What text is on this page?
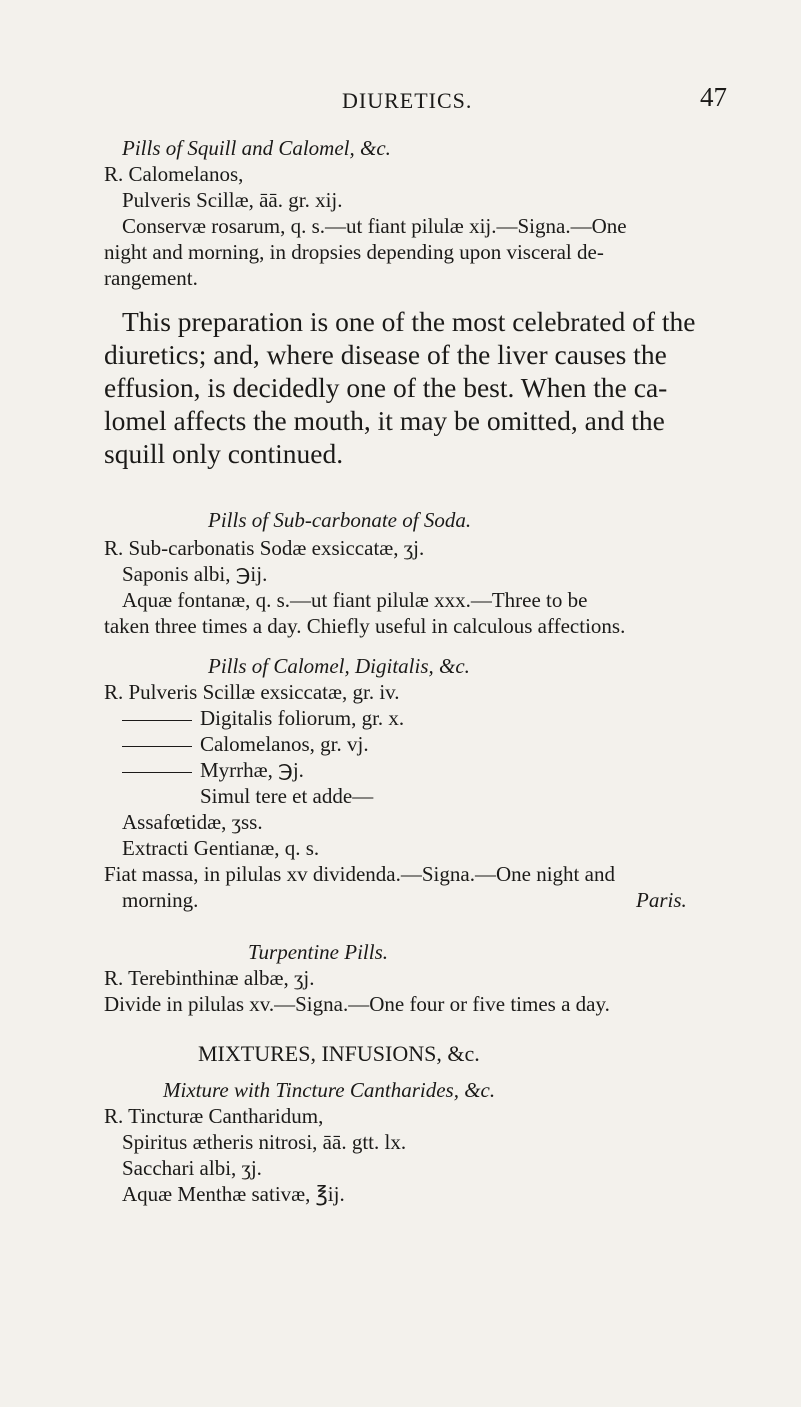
DIURETICS.	47
Pills of Squill and Calomel, &c.
R. Calomelanos,
Pulveris Scillæ, āā. gr. xij.
Conservæ rosarum, q. s.—ut fiant pilulæ xij.—Signa.—One
night and morning, in dropsies depending upon visceral de-
rangement.
This preparation is one of the most celebrated of the
diuretics; and, where disease of the liver causes the
effusion, is decidedly one of the best. When the ca-
lomel affects the mouth, it may be omitted, and the
squill only continued.
Pills of Sub-carbonate of Soda.
R. Sub-carbonatis Sodæ exsiccatæ, ʒj.
Saponis albi, ℈ij.
Aquæ fontanæ, q. s.—ut fiant pilulæ xxx.—Three to be
taken three times a day. Chiefly useful in calculous affections.
Pills of Calomel, Digitalis, &c.
R. Pulveris Scillæ exsiccatæ, gr. iv.
Digitalis foliorum, gr. x.
Calomelanos, gr. vj.
Myrrhæ, ℈j.
Simul tere et adde—
Assafœtidæ, ʒss.
Extracti Gentianæ, q. s.
Fiat massa, in pilulas xv dividenda.—Signa.—One night and
morning.	Paris.
Turpentine Pills.
R. Terebinthinæ albæ, ʒj.
Divide in pilulas xv.—Signa.—One four or five times a day.
MIXTURES, INFUSIONS, &c.
Mixture with Tincture Cantharides, &c.
R. Tincturæ Cantharidum,
Spiritus ætheris nitrosi, āā. gtt. lx.
Sacchari albi, ʒj.
Aquæ Menthæ sativæ, ℥ij.
